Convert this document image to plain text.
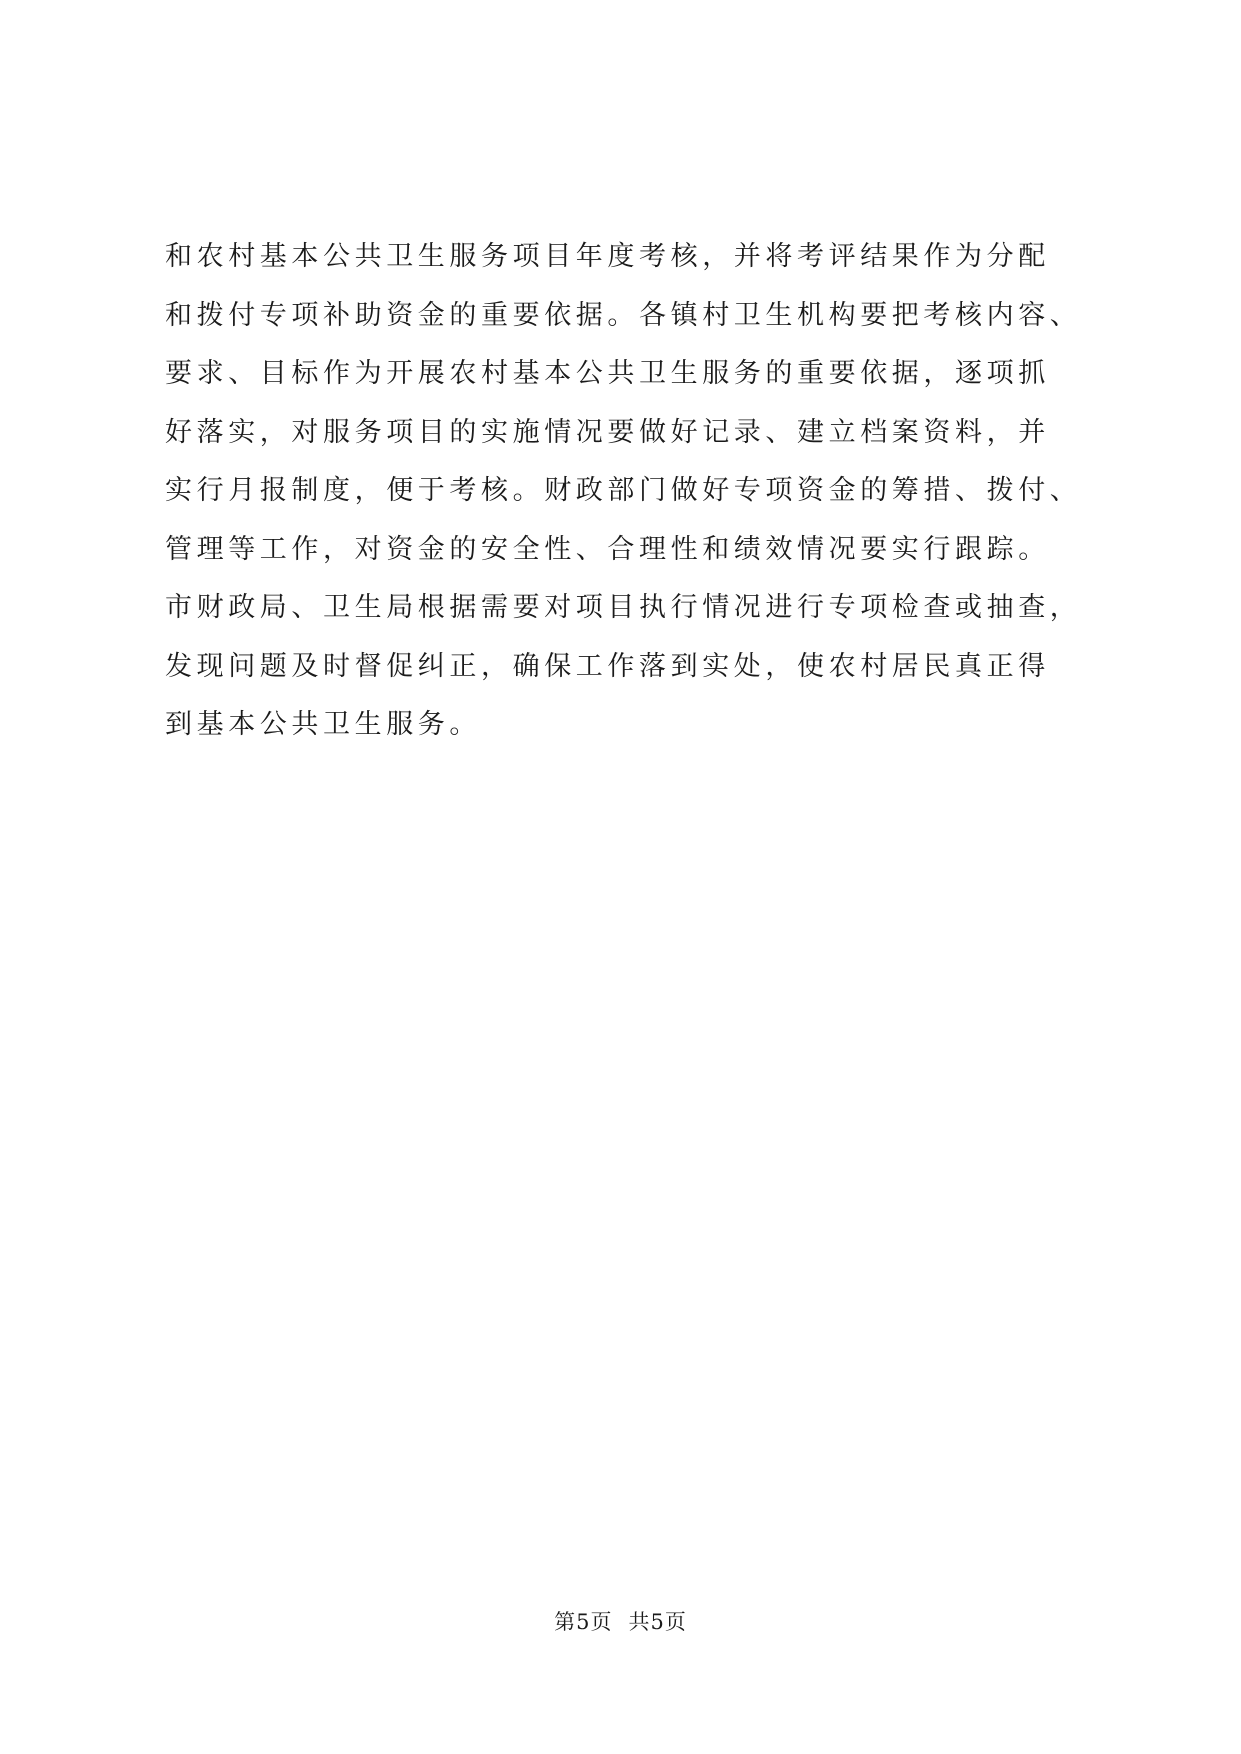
和农村基本公共卫生服务项目年度考核，并将考评结果作为分配
和拨付专项补助资金的重要依据。各镇村卫生机构要把考核内容、
要求、目标作为开展农村基本公共卫生服务的重要依据，逐项抓
好落实，对服务项目的实施情况要做好记录、建立档案资料，并
实行月报制度，便于考核。财政部门做好专项资金的筹措、拨付、
管理等工作，对资金的安全性、合理性和绩效情况要实行跟踪。
市财政局、卫生局根据需要对项目执行情况进行专项检查或抽查，
发现问题及时督促纠正，确保工作落到实处，使农村居民真正得
到基本公共卫生服务。
第5页 共5页
